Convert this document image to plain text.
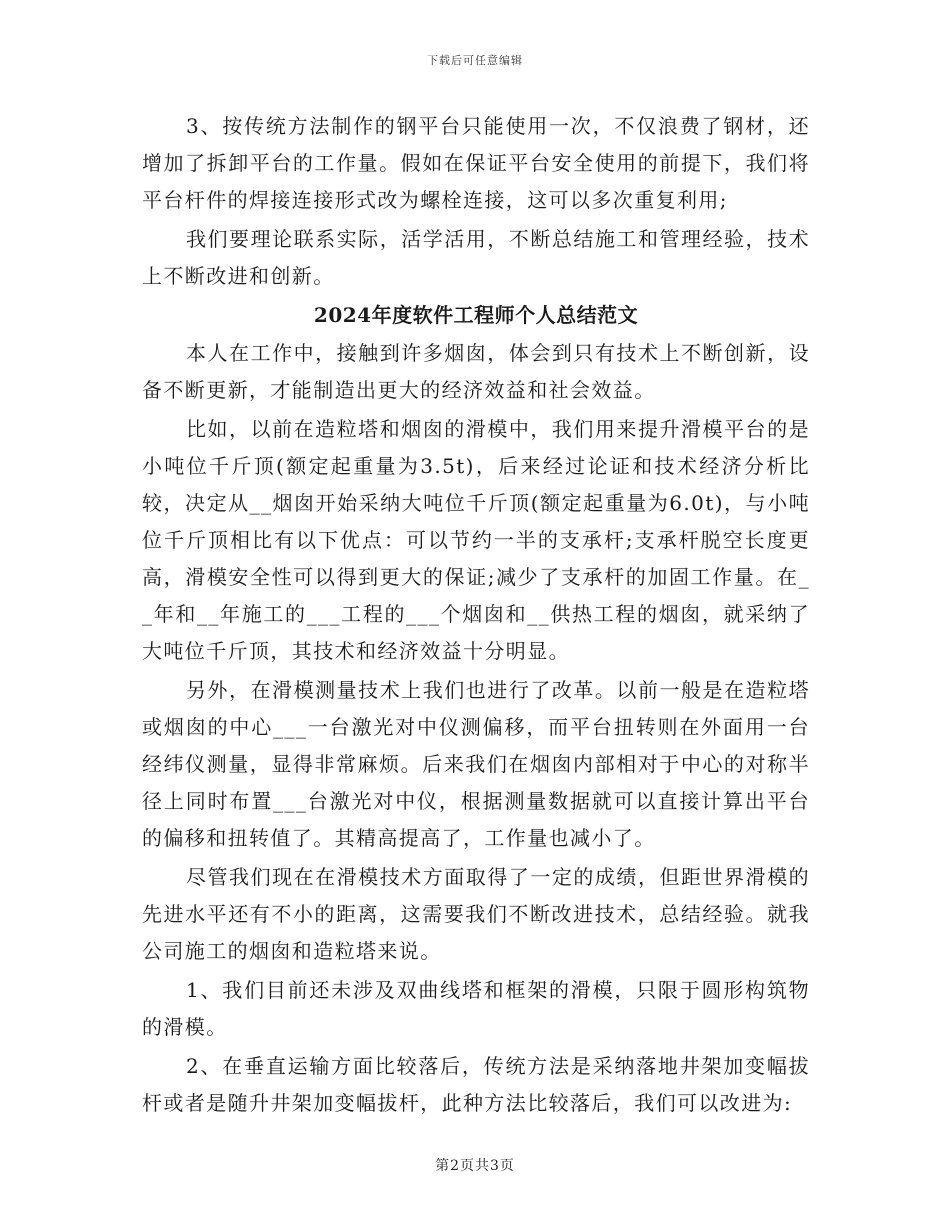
下载后可任意编辑

3、按传统方法制作的钢平台只能使用一次，不仅浪费了钢材，还增加了拆卸平台的工作量。假如在保证平台安全使用的前提下，我们将平台杆件的焊接连接形式改为螺栓连接，这可以多次重复利用;

我们要理论联系实际，活学活用，不断总结施工和管理经验，技术上不断改进和创新。

2024年度软件工程师个人总结范文

本人在工作中，接触到许多烟囱，体会到只有技术上不断创新，设备不断更新，才能制造出更大的经济效益和社会效益。

比如，以前在造粒塔和烟囱的滑模中，我们用来提升滑模平台的是小吨位千斤顶(额定起重量为3.5t)，后来经过论证和技术经济分析比较，决定从__烟囱开始采纳大吨位千斤顶(额定起重量为6.0t)，与小吨位千斤顶相比有以下优点：可以节约一半的支承杆;支承杆脱空长度更高，滑模安全性可以得到更大的保证;减少了支承杆的加固工作量。在__年和__年施工的___工程的___个烟囱和__供热工程的烟囱，就采纳了大吨位千斤顶，其技术和经济效益十分明显。

另外，在滑模测量技术上我们也进行了改革。以前一般是在造粒塔或烟囱的中心___一台激光对中仪测偏移，而平台扭转则在外面用一台经纬仪测量，显得非常麻烦。后来我们在烟囱内部相对于中心的对称半径上同时布置___台激光对中仪，根据测量数据就可以直接计算出平台的偏移和扭转值了。其精高提高了，工作量也减小了。

尽管我们现在在滑模技术方面取得了一定的成绩，但距世界滑模的先进水平还有不小的距离，这需要我们不断改进技术，总结经验。就我公司施工的烟囱和造粒塔来说。

1、我们目前还未涉及双曲线塔和框架的滑模，只限于圆形构筑物的滑模。

2、在垂直运输方面比较落后，传统方法是采纳落地井架加变幅拔杆或者是随升井架加变幅拔杆，此种方法比较落后，我们可以改进为:

第2页共3页
